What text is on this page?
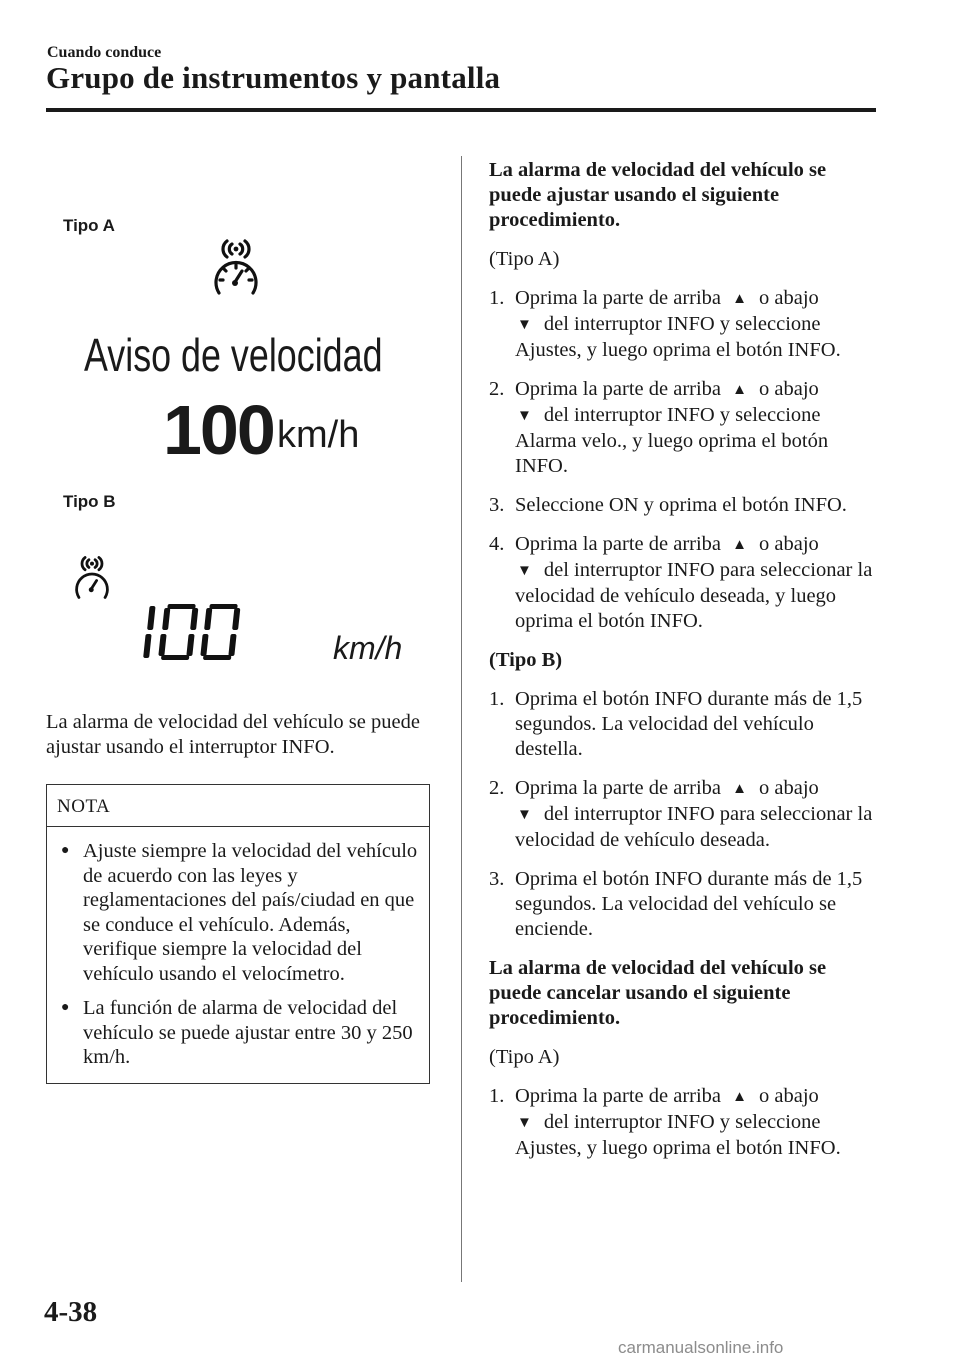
Cuando conduce
Grupo de instrumentos y pantalla
Tipo A
Aviso de velocidad
100 km/h
Tipo B
km/h
La alarma de velocidad del vehículo se puede ajustar usando el interruptor INFO.
NOTA
● Ajuste siempre la velocidad del vehículo de acuerdo con las leyes y reglamentaciones del país/ciudad en que se conduce el vehículo. Además, verifique siempre la velocidad del vehículo usando el velocímetro.
● La función de alarma de velocidad del vehículo se puede ajustar entre 30 y 250 km/h.

La alarma de velocidad del vehículo se puede ajustar usando el siguiente procedimiento.

(Tipo A)

1. Oprima la parte de arriba ▲ o abajo
▼ del interruptor INFO y seleccione Ajustes, y luego oprima el botón INFO.
2. Oprima la parte de arriba ▲ o abajo
▼ del interruptor INFO y seleccione Alarma velo., y luego oprima el botón INFO.
3. Seleccione ON y oprima el botón INFO.
4. Oprima la parte de arriba ▲ o abajo
▼ del interruptor INFO para seleccionar la velocidad de vehículo deseada, y luego oprima el botón INFO.

(Tipo B)

1. Oprima el botón INFO durante más de 1,5 segundos. La velocidad del vehículo destella.
2. Oprima la parte de arriba ▲ o abajo
▼ del interruptor INFO para seleccionar la velocidad de vehículo deseada.
3. Oprima el botón INFO durante más de 1,5 segundos. La velocidad del vehículo se enciende.

La alarma de velocidad del vehículo se puede cancelar usando el siguiente procedimiento.

(Tipo A)

1. Oprima la parte de arriba ▲ o abajo
▼ del interruptor INFO y seleccione Ajustes, y luego oprima el botón INFO.
4-38
carmanualsonline.info
